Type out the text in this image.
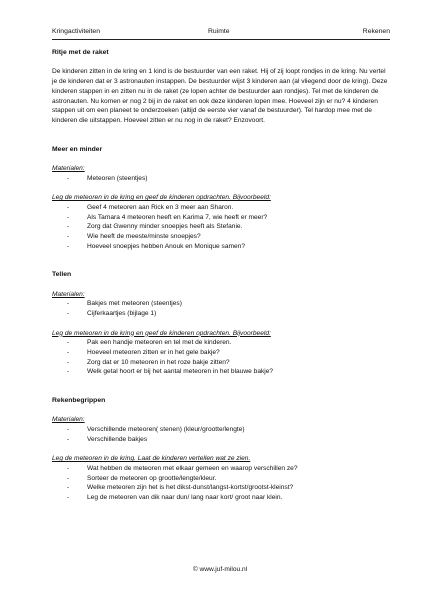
Kringactiviteiten	Ruimte	Rekenen

Ritje met de raket

De kinderen zitten in de kring en 1 kind is de bestuurder van een raket. Hij of zij loopt rondjes in de kring. Nu vertel je de kinderen dat er 3 astronauten instappen. De bestuurder wijst 3 kinderen aan (al vliegend door de kring). Deze kinderen stappen in en zitten nu in de raket (ze lopen achter de bestuurder aan rondjes). Tel met de kinderen de astronauten. Nu komen er nog 2 bij in de raket en ook deze kinderen lopen mee. Hoeveel zijn er nu? 4 kinderen stappen uit om een planeet te onderzoeken (altijd de eerste vier vanaf de bestuurder). Tel hardop mee met de kinderen die uitstappen. Hoeveel zitten er nu nog in de raket? Enzovoort.

Meer en minder

Materialen:

- Meteoren (steentjes)

Leg de meteoren in de kring en geef de kinderen opdrachten. Bijvoorbeeld:

- Geef 4 meteoren aan Rick en 3 meer aan Sharon.
- Als Tamara 4 meteoren heeft en Karima 7, wie heeft er meer?
- Zorg dat Gwenny minder snoepjes heeft als Stefanie.
- Wie heeft de meeste/minste snoepjes?
- Hoeveel snoepjes hebben Anouk en Monique samen?

Tellen

Materialen:

- Bakjes met meteoren (steentjes)
- Cijferkaartjes (bijlage 1)

Leg de meteoren in de kring en geef de kinderen opdrachten. Bijvoorbeeld:

- Pak een handje meteoren en tel met de kinderen.
- Hoeveel meteoren zitten er in het gele bakje?
- Zorg dat er 10 meteoren in het roze bakje zitten?
- Welk getal hoort er bij het aantal meteoren in het blauwe bakje?

Rekenbegrippen

Materialen:

- Verschillende meteoren( stenen) (kleur/grootte/lengte)
- Verschillende bakjes

Leg de meteoren in de kring. Laat de kinderen vertellen wat ze zien.

- Wat hebben de meteoren met elkaar gemeen en waarop verschillen ze?
- Sorteer de meteoren op grootte/lengte/kleur.
- Welke meteoren zijn het is het dikst-dunst/langst-kortst/grootst-kleinst?
- Leg de meteoren van dik naar dun/ lang naar kort/ groot naar klein.
© www.juf-milou.nl
